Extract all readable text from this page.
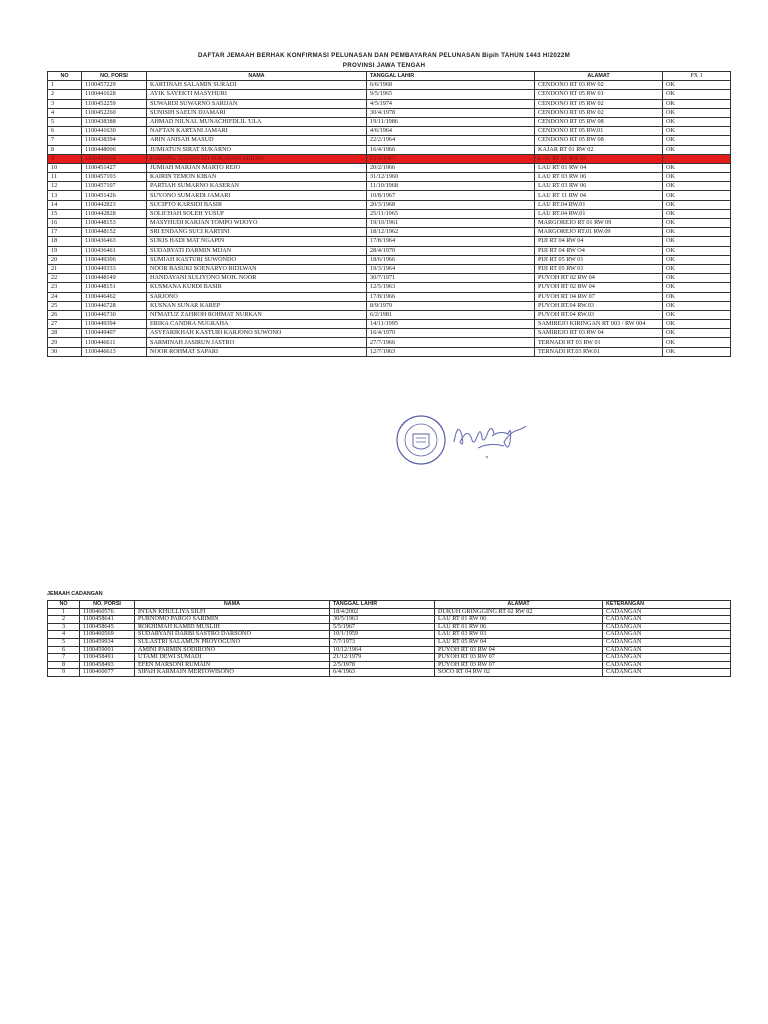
DAFTAR JEMAAH BERHAK KONFIRMASI PELUNASAN DAN PEMBAYARAN PELUNASAN Bipih TAHUN 1443 H/2022M
PROVINSI JAWA TENGAH
NO	NO. PORSI	NAMA	TANGGAL LAHIR	ALAMAT	PX 1
1	1100457229	KARTINAH SALAMIN SURADI	6/6/1968	CENDONO RT 03 RW 02	OK
2	1100441628	AYIK SAYEKTI MASYHURI	9/5/1965	CENDONO RT 05 RW 01	OK
3	1100452259	SUWARDI SUWARNO SARIJAN	4/5/1974	CENDONO RT 05 RW 02	OK
4	1100452260	SUNISIH SAEUN DJAMARI	30/4/1978	CENDONO RT 05 RW 02	OK
5	1100438388	AHMAD NILNAL MUNACHIFDLIL 'ULA	19/11/1986	CENDONO RT 05 RW 08	OK
6	1100441630	NAFTAN KARTANI JAMARI	4/6/1964	CENDONO RT 05 RW.01	OK
7	1100438394	ARIN ANISAH MASUD	22/2/1964	CENDONO RT 05 RW 08	OK
8	1100448006	JUMIATUN SIRAT SUKARNO	16/4/1966	KAJAR RT 01 RW 02	OK
9	1100453664	ENDANG TOGOWATI SUKARNO ABIDIN	23/9/1967	LAU RT 01 RW 03	
10	1100451427	JUMIAH MARJAN MARTO REJO	20/2/1966	LAU RT 01 RW 04	OK
11	1100457103	KAIRIN TEMON KIBAN	31/12/1960	LAU RT 03 RW 06	OK
12	1100457107	PARTIAH SUMARNO KASERAN	11/10/1968	LAU RT 03 RW 06	OK
13	1100451426	SUYONO SUMARDI JAMARI	10/8/1967	LAU RT 11 RW 04	OK
14	1100442823	SUCIPTO KARSIDI BASIR	20/3/1968	LAU RT.04 RW.01	OK
15	1100442828	SOLICHAH SOLEH YUSUF	25/11/1965	LAU RT.04 RW.01	OK
16	1100448153	MASYHUDI KARJAN TOMPO WIJOYO	19/10/1961	MARGOREJO RT 01 RW 09	OK
17	1100448152	SRI ENDANG SUCI KARTINI	18/12/1962	MARGOREJO RT.01 RW.09	OK
18	1100436463	SUKIS HADI MAT NGAPIN	17/8/1964	PIJI RT 04 RW 04	OK
19	1100436461	SUDARYATI DARMIN MIJAN	28/4/1970	PIJI RT 04 RW O4	OK
20	1100449306	SUMIAH KASTURI SUWONDO	18/6/1966	PIJI RT 05 RW 01	OK
21	1100449333	NOOR BASUKI SOENARYO RIDLWAN	19/3/1964	PIJI RT 05 RW 01	OK
22	1100448149	HANDAYANI SULIYONO MOH. NOOR	30/7/1971	PUYOH RT 02 RW 04	OK
23	1100448151	KUSMANA KURDI BASIR	12/5/1963	PUYOH RT 02 RW 04	OK
24	1100446462	SARJONO	17/8/1966	PUYOH RT 04 RW 07	OK
25	1100446728	KUSNAN SUNAR KAREP	8/9/1970	PUYOH RT.04 RW.03	OK
26	1100446730	NI'MATUZ ZAHROH ROHMAT NURKAN	6/2/1981	PUYOH RT.04 RW.03	OK
27	1100449394	ERIKA CANDRA NUGRAHA	14/11/1995	SAMIREJO KIRINGAN RT 003 / RW 004	OK
28	1100449407	ASYFARIKHAH KASTURI KARJONO SUWONO	16/4/1970	SAMIREJO RT 03 RW 04	OK
29	1100446611	SARMINAH JASIRUN JASTRO	27/7/1966	TERNADI RT 03 RW 01	OK
30	1100446613	NOOR ROHMAT SAPARI	12/7/1963	TERNADI RT.03 RW.01	OK
JEMAAH CADANGAN
NO	NO. PORSI	NAMA	TANGGAL LAHIR	ALAMAT	KETERANGAN
1	1100460576	INTAN KHULLIYA SILFI	18/4/2002	DUKUH GRINGGING RT 02 RW 02	CADANGAN
2	1100458641	PURNOMO PARGO SARIMIN	30/5/1963	LAU RT 01 RW 06	CADANGAN
3	1100458645	ROKHIMAH KAMID MUSLIH	5/5/1967	LAU RT 01 RW 06	CADANGAN
4	1100460569	SUDARYANI DARBI SASTRO DARSONO	10/1/1959	LAU RT 03 RW 03	CADANGAN
5	1100459934	SULASTRI SALAMUN PROYOGUNO	7/7/1973	LAU RT 05 RW 04	CADANGAN
6	1100459001	AMINI PARMIN SODIRONO	10/12/1964	PUYOH RT 03 RW 04	CADANGAN
7	1100458491	UTAMI DEWI SUMADI	21/12/1979	PUYOH RT 03 RW 07	CADANGAN
8	1100458493	EFEN MARSONI RUMAIN	2/5/1978	PUYOH RT 03 RW 07	CADANGAN
9	1100460077	SIPAH KARMAIN MERTOWISONO	6/4/1963	SOCO RT 04 RW 02	CADANGAN
